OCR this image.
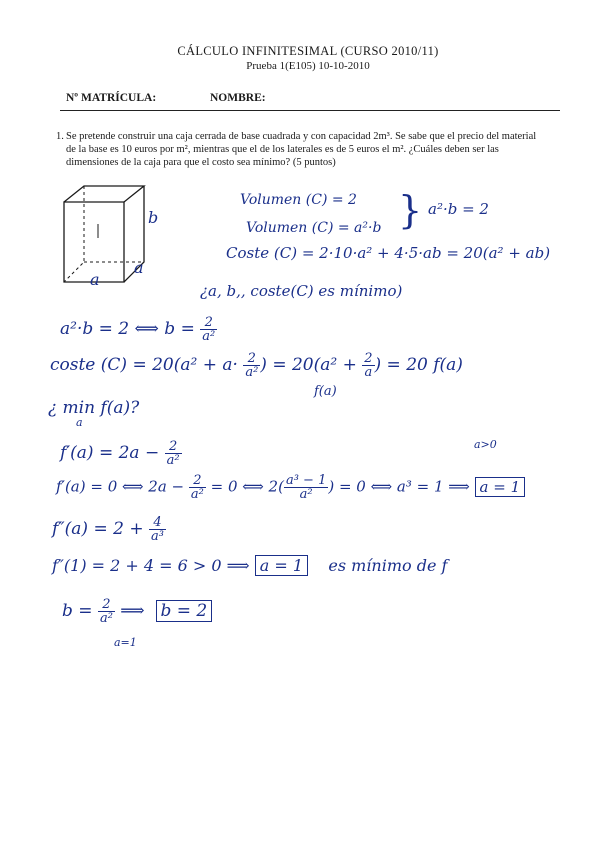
CÁLCULO INFINITESIMAL (CURSO 2010/11)
Prueba 1(E105) 10-10-2010
Nº MATRÍCULA:	NOMBRE:
1. Se pretende construir una caja cerrada de base cuadrada y con capacidad 2m³. Se sabe que el precio del material de la base es 10 euros por m², mientras que el de los laterales es de 5 euros el m². ¿Cuáles deben ser las dimensiones de la caja para que el costo sea mínimo? (5 puntos)
a
a
b
Volumen (C) = 2
Volumen (C) = a²·b } a²·b = 2
Coste (C) = 2·10·a² + 4·5·ab = 20(a² + ab)
¿a, b,, coste(C) es mínimo)
a²·b = 2 ⟺ $b = \frac{2}{\text{a²}}$
coste $(C) = 20(a^2 + a\cdot \frac{2}{\text{a²}}$ ) = $20(a^2 + \frac{2}{a}$ ) = 20 f(a)
f(a)
¿ min f(a)?
a
$f'(a) = 2a - \frac{2}{\text{a²}}$	a>0
f′(a) = 0 ⟺ $2a - \frac{2}{\text{a²}} = 0$ ⟺ $2( \frac{\text{a³ − 1}}{\text{a²}}$ ) = 0 ⟺ a³ = 1 ⟹ a = 1
$f''(a) = 2 + \frac{4}{\text{a³}}$
f″(1) = 2 + 4 = 6 > 0 ⟹ a = 1 es mínimo de f
$b = \frac{2}{\text{a²}}$ ⟹  b = 2
a=1
